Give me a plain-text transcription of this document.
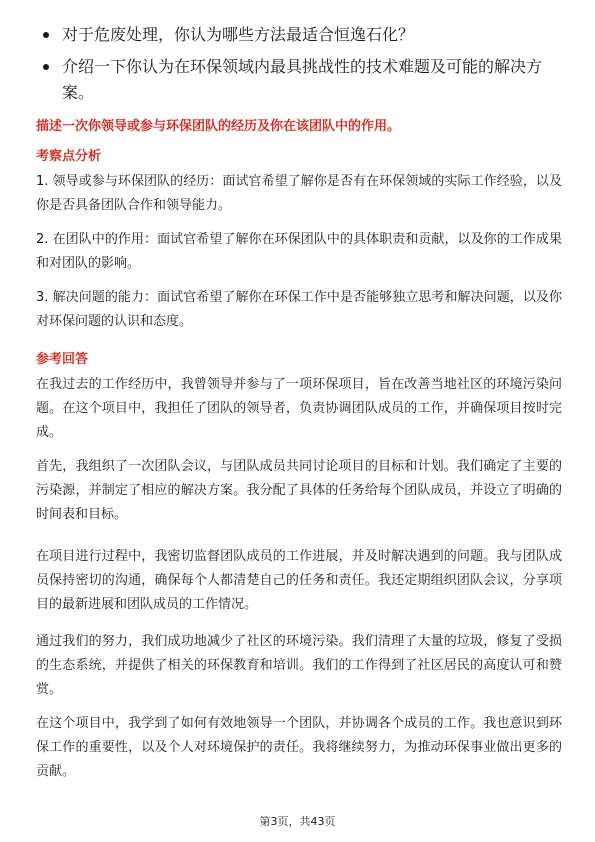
对于危废处理，你认为哪些方法最适合恒逸石化？
介绍一下你认为在环保领域内最具挑战性的技术难题及可能的解决方案。
描述一次你领导或参与环保团队的经历及你在该团队中的作用。
考察点分析

1. 领导或参与环保团队的经历：面试官希望了解你是否有在环保领域的实际工作经验，以及你是否具备团队合作和领导能力。

2. 在团队中的作用：面试官希望了解你在环保团队中的具体职责和贡献，以及你的工作成果和对团队的影响。

3. 解决问题的能力：面试官希望了解你在环保工作中是否能够独立思考和解决问题，以及你对环保问题的认识和态度。

参考回答

在我过去的工作经历中，我曾领导并参与了一项环保项目，旨在改善当地社区的环境污染问题。在这个项目中，我担任了团队的领导者，负责协调团队成员的工作，并确保项目按时完成。

首先，我组织了一次团队会议，与团队成员共同讨论项目的目标和计划。我们确定了主要的污染源，并制定了相应的解决方案。我分配了具体的任务给每个团队成员，并设立了明确的时间表和目标。

在项目进行过程中，我密切监督团队成员的工作进展，并及时解决遇到的问题。我与团队成员保持密切的沟通，确保每个人都清楚自己的任务和责任。我还定期组织团队会议，分享项目的最新进展和团队成员的工作情况。

通过我们的努力，我们成功地减少了社区的环境污染。我们清理了大量的垃圾，修复了受损的生态系统，并提供了相关的环保教育和培训。我们的工作得到了社区居民的高度认可和赞赏。

在这个项目中，我学到了如何有效地领导一个团队，并协调各个成员的工作。我也意识到环保工作的重要性，以及个人对环境保护的责任。我将继续努力，为推动环保事业做出更多的贡献。

第3页，共43页
